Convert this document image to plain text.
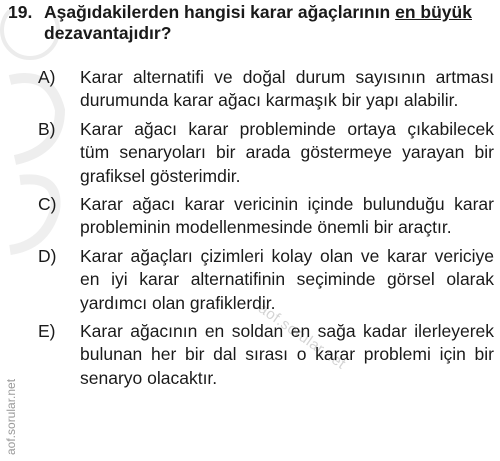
aof.sorular.net
aof.sorular.net
19. Aşağıdakilerden hangisi karar ağaçlarının en büyük dezavantajıdır?
A)	Karar alternatifi ve doğal durum sayısının artması durumunda karar ağacı karmaşık bir yapı alabilir.
B)	Karar ağacı karar probleminde ortaya çıkabilecek tüm senaryoları bir arada göstermeye yarayan bir grafiksel gösterimdir.
C)	Karar ağacı karar vericinin içinde bulunduğu karar probleminin modellenmesinde önemli bir araçtır.
D)	Karar ağaçları çizimleri kolay olan ve karar vericiye en iyi karar alternatifinin seçiminde görsel olarak yardımcı olan grafiklerdir.
E)	Karar ağacının en soldan en sağa kadar ilerleyerek bulunan her bir dal sırası o karar problemi için bir senaryo olacaktır.
